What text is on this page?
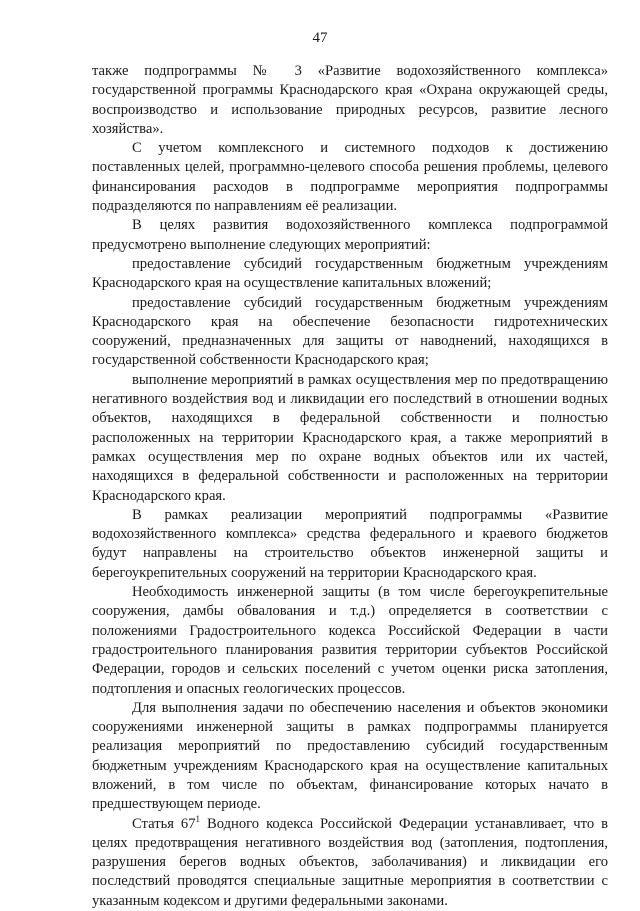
47

также подпрограммы № 3 «Развитие водохозяйственного комплекса» государственной программы Краснодарского края «Охрана окружающей среды, воспроизводство и использование природных ресурсов, развитие лесного хозяйства».

С учетом комплексного и системного подходов к достижению поставленных целей, программно-целевого способа решения проблемы, целевого финансирования расходов в подпрограмме мероприятия подпрограммы подразделяются по направлениям её реализации.

В целях развития водохозяйственного комплекса подпрограммой предусмотрено выполнение следующих мероприятий:

предоставление субсидий государственным бюджетным учреждениям Краснодарского края на осуществление капитальных вложений;

предоставление субсидий государственным бюджетным учреждениям Краснодарского края на обеспечение безопасности гидротехнических сооружений, предназначенных для защиты от наводнений, находящихся в государственной собственности Краснодарского края;

выполнение мероприятий в рамках осуществления мер по предотвращению негативного воздействия вод и ликвидации его последствий в отношении водных объектов, находящихся в федеральной собственности и полностью расположенных на территории Краснодарского края, а также мероприятий в рамках осуществления мер по охране водных объектов или их частей, находящихся в федеральной собственности и расположенных на территории Краснодарского края.

В рамках реализации мероприятий подпрограммы «Развитие водохозяйственного комплекса» средства федерального и краевого бюджетов будут направлены на строительство объектов инженерной защиты и берегоукрепительных сооружений на территории Краснодарского края.

Необходимость инженерной защиты (в том числе берегоукрепительные сооружения, дамбы обвалования и т.д.) определяется в соответствии с положениями Градостроительного кодекса Российской Федерации в части градостроительного планирования развития территории субъектов Российской Федерации, городов и сельских поселений с учетом оценки риска затопления, подтопления и опасных геологических процессов.

Для выполнения задачи по обеспечению населения и объектов экономики сооружениями инженерной защиты в рамках подпрограммы планируется реализация мероприятий по предоставлению субсидий государственным бюджетным учреждениям Краснодарского края на осуществление капитальных вложений, в том числе по объектам, финансирование которых начато в предшествующем периоде.

Статья $67^1$ Водного кодекса Российской Федерации устанавливает, что в целях предотвращения негативного воздействия вод (затопления, подтопления, разрушения берегов водных объектов, заболачивания) и ликвидации его последствий проводятся специальные защитные мероприятия в соответствии с указанным кодексом и другими федеральными законами.
